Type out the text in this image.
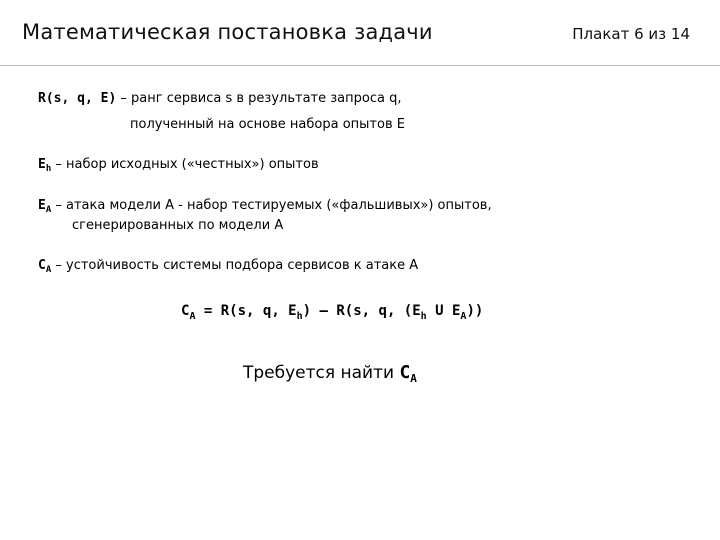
Математическая постановка задачи	Плакат 6 из 14
R(s, q, E) – ранг сервиса s в результате запроса q,
полученный на основе набора опытов E
$E_h$ – набор исходных («честных») опытов
$E_A$ – атака модели A - набор тестируемых («фальшивых») опытов,
сгенерированных по модели A
$C_A$ – устойчивость системы подбора сервисов к атаке A
$C_A = R(s$, q, $E_h) - R(s$, q, ($E_h$ U $E_A$))
Требуется найти $C_A$
